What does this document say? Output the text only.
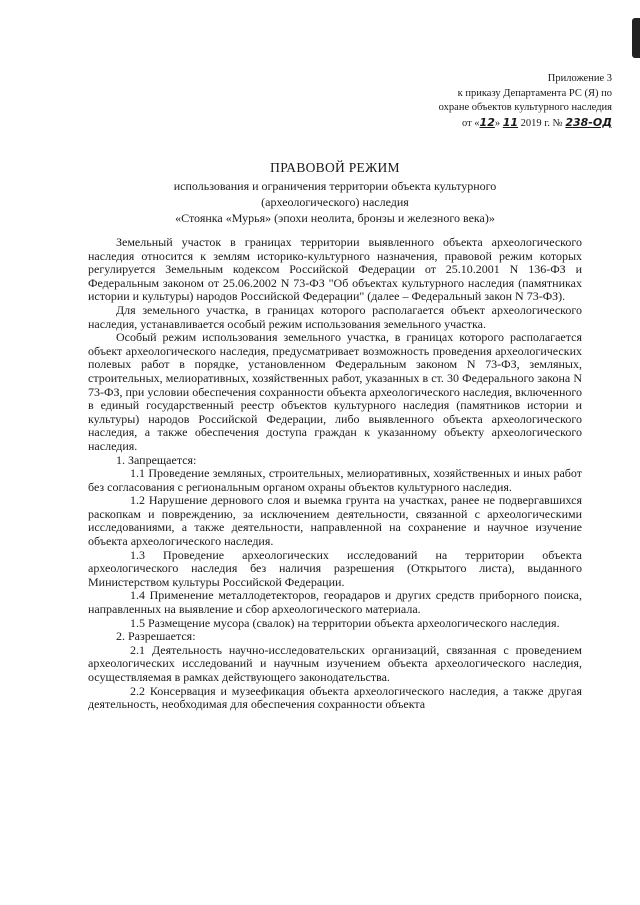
Приложение 3
к приказу Департамента РС (Я) по
охране объектов культурного наследия
от «12» 11 2019 г. № 238-ОД
ПРАВОВОЙ РЕЖИМ
использования и ограничения территории объекта культурного
(археологического) наследия
«Стоянка «Мурья» (эпохи неолита, бронзы и железного века)»

Земельный участок в границах территории выявленного объекта археологического наследия относится к землям историко-культурного назначения, правовой режим которых регулируется Земельным кодексом Российской Федерации от 25.10.2001 N 136-ФЗ и Федеральным законом от 25.06.2002 N 73-ФЗ "Об объектах культурного наследия (памятниках истории и культуры) народов Российской Федерации" (далее – Федеральный закон N 73-ФЗ).

Для земельного участка, в границах которого располагается объект археологического наследия, устанавливается особый режим использования земельного участка.

Особый режим использования земельного участка, в границах которого располагается объект археологического наследия, предусматривает возможность проведения археологических полевых работ в порядке, установленном Федеральным законом N 73-ФЗ, земляных, строительных, мелиоративных, хозяйственных работ, указанных в ст. 30 Федерального закона N 73-ФЗ, при условии обеспечения сохранности объекта археологического наследия, включенного в единый государственный реестр объектов культурного наследия (памятников истории и культуры) народов Российской Федерации, либо выявленного объекта археологического наследия, а также обеспечения доступа граждан к указанному объекту археологического наследия.

1. Запрещается:

1.1 Проведение земляных, строительных, мелиоративных, хозяйственных и иных работ без согласования с региональным органом охраны объектов культурного наследия.

1.2 Нарушение дернового слоя и выемка грунта на участках, ранее не подвергавшихся раскопкам и повреждению, за исключением деятельности, связанной с археологическими исследованиями, а также деятельности, направленной на сохранение и научное изучение объекта археологического наследия.

1.3 Проведение археологических исследований на территории объекта археологического наследия без наличия разрешения (Открытого листа), выданного Министерством культуры Российской Федерации.

1.4 Применение металлодетекторов, георадаров и других средств приборного поиска, направленных на выявление и сбор археологического материала.

1.5 Размещение мусора (свалок) на территории объекта археологического наследия.

2. Разрешается:

2.1 Деятельность научно-исследовательских организаций, связанная с проведением археологических исследований и научным изучением объекта археологического наследия, осуществляемая в рамках действующего законодательства.

2.2 Консервация и музеефикация объекта археологического наследия, а также другая деятельность, необходимая для обеспечения сохранности объекта
